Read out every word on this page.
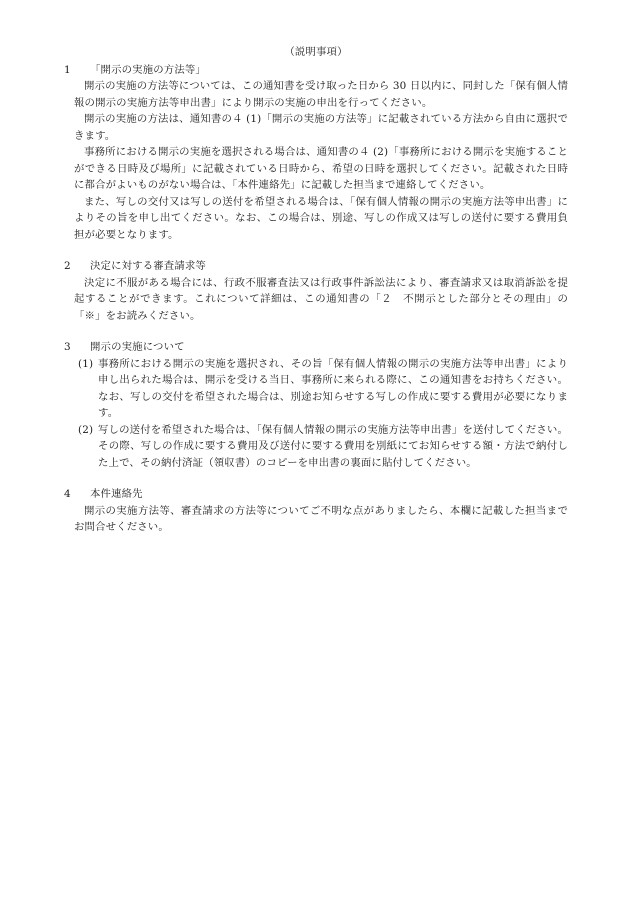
（説明事項）

1	「開示の実施の方法等」

開示の実施の方法等については、この通知書を受け取った日から 30 日以内に、同封した「保有個人情報の開示の実施方法等申出書」により開示の実施の申出を行ってください。

開示の実施の方法は、通知書の４ (1)「開示の実施の方法等」に記載されている方法から自由に選択できます。

事務所における開示の実施を選択される場合は、通知書の４ (2)「事務所における開示を実施することができる日時及び場所」に記載されている日時から、希望の日時を選択してください。記載された日時に都合がよいものがない場合は、「本件連絡先」に記載した担当まで連絡してください。

また、写しの交付又は写しの送付を希望される場合は、「保有個人情報の開示の実施方法等申出書」によりその旨を申し出てください。なお、この場合は、別途、写しの作成又は写しの送付に要する費用負担が必要となります。

2	決定に対する審査請求等

決定に不服がある場合には、行政不服審査法又は行政事件訴訟法により、審査請求又は取消訴訟を提起することができます。これについて詳細は、この通知書の「２　不開示とした部分とその理由」の「※」をお読みください。

3	開示の実施について

(1) 事務所における開示の実施を選択され、その旨「保有個人情報の開示の実施方法等申出書」により申し出られた場合は、開示を受ける当日、事務所に来られる際に、この通知書をお持ちください。なお、写しの交付を希望された場合は、別途お知らせする写しの作成に要する費用が必要になります。
(2) 写しの送付を希望された場合は、「保有個人情報の開示の実施方法等申出書」を送付してください。その際、写しの作成に要する費用及び送付に要する費用を別紙にてお知らせする額・方法で納付した上で、その納付済証（領収書）のコピーを申出書の裏面に貼付してください。

4	本件連絡先

開示の実施方法等、審査請求の方法等についてご不明な点がありましたら、本欄に記載した担当までお問合せください。
